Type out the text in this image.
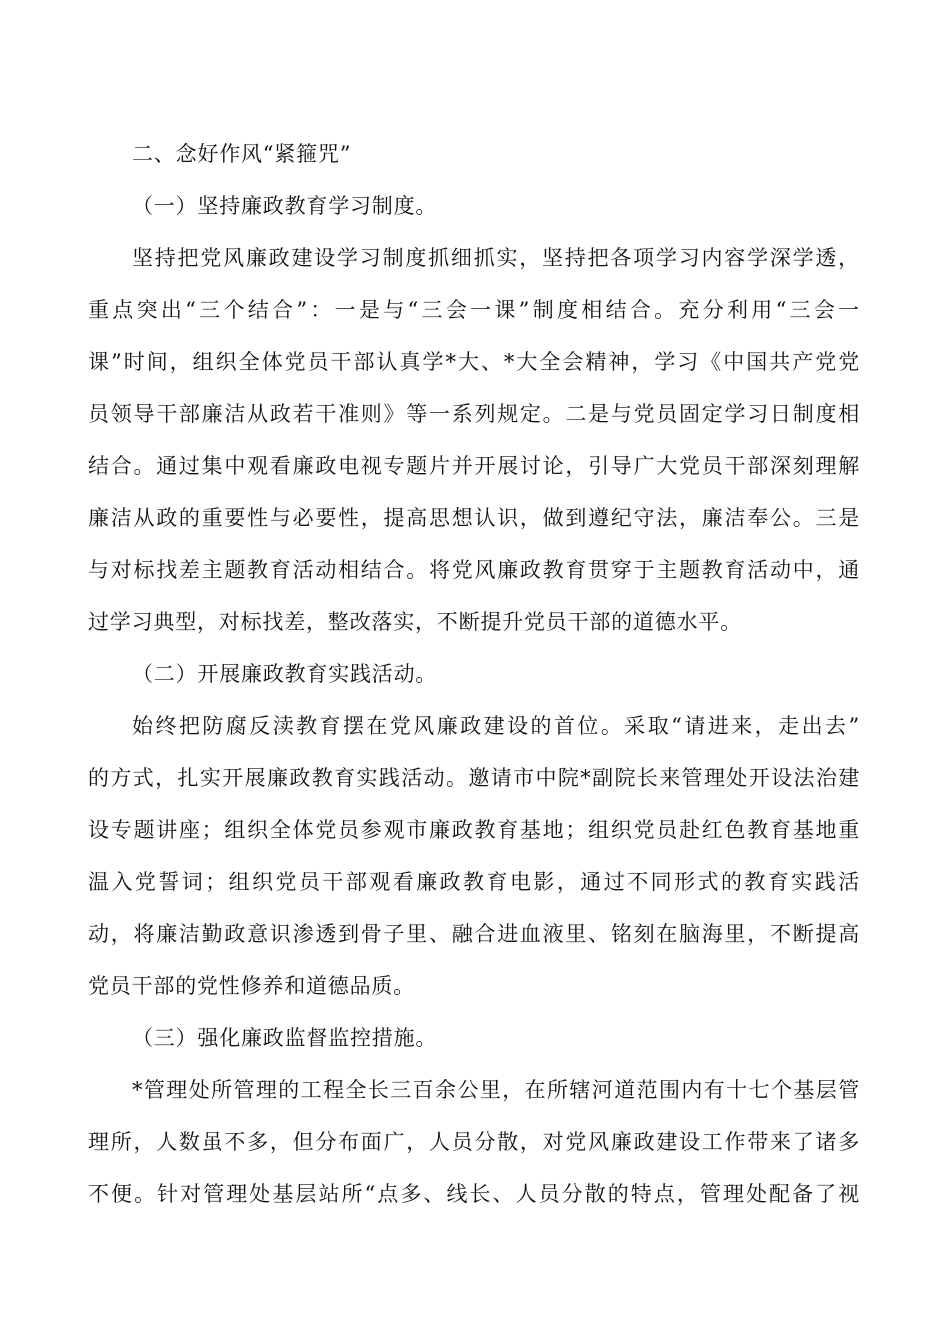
二、念好作风“紧箍咒”
（一）坚持廉政教育学习制度。
坚持把党风廉政建设学习制度抓细抓实，坚持把各项学习内容学深学透，
重点突出“三个结合”：一是与“三会一课”制度相结合。充分利用“三会一
课”时间，组织全体党员干部认真学*大、*大全会精神，学习《中国共产党党
员领导干部廉洁从政若干准则》等一系列规定。二是与党员固定学习日制度相
结合。通过集中观看廉政电视专题片并开展讨论，引导广大党员干部深刻理解
廉洁从政的重要性与必要性，提高思想认识，做到遵纪守法，廉洁奉公。三是
与对标找差主题教育活动相结合。将党风廉政教育贯穿于主题教育活动中，通
过学习典型，对标找差，整改落实，不断提升党员干部的道德水平。
（二）开展廉政教育实践活动。
始终把防腐反渎教育摆在党风廉政建设的首位。采取“请进来，走出去”
的方式，扎实开展廉政教育实践活动。邀请市中院*副院长来管理处开设法治建
设专题讲座；组织全体党员参观市廉政教育基地；组织党员赴红色教育基地重
温入党誓词；组织党员干部观看廉政教育电影，通过不同形式的教育实践活
动，将廉洁勤政意识渗透到骨子里、融合进血液里、铭刻在脑海里，不断提高
党员干部的党性修养和道德品质。
（三）强化廉政监督监控措施。
*管理处所管理的工程全长三百余公里，在所辖河道范围内有十七个基层管
理所，人数虽不多，但分布面广，人员分散，对党风廉政建设工作带来了诸多
不便。针对管理处基层站所“点多、线长、人员分散的特点，管理处配备了视
